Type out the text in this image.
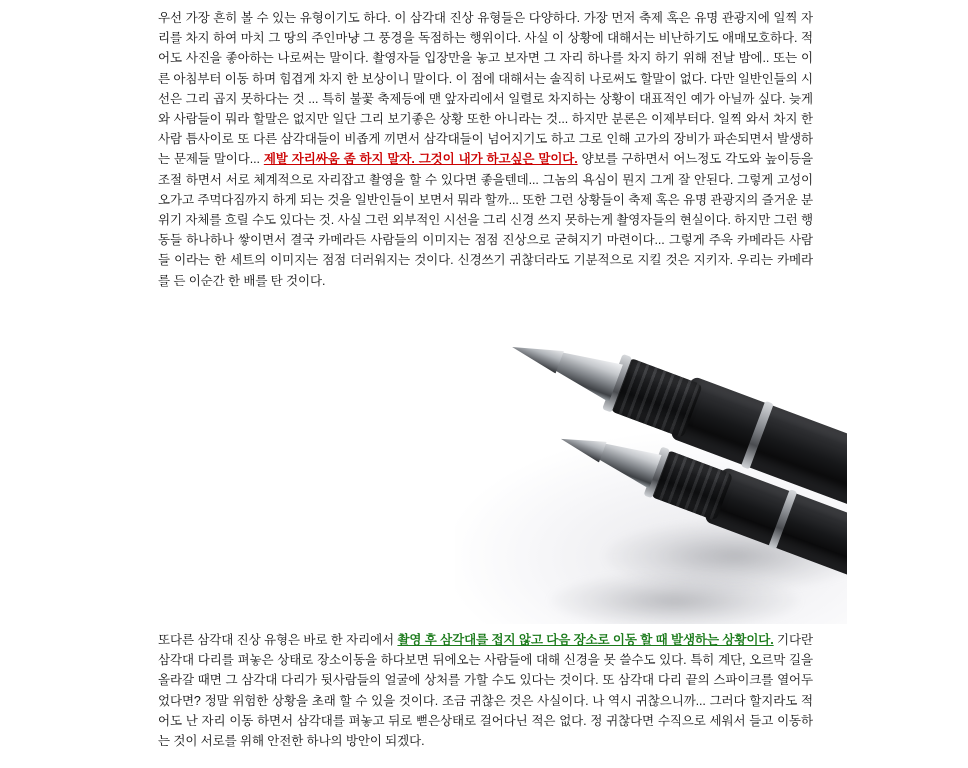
우선 가장 흔히 볼 수 있는 유형이기도 하다. 이 삼각대 진상 유형들은 다양하다. 가장 먼저 축제 혹은 유명 관광지에 일찍 자리를 차지 하여 마치 그 땅의 주인마냥 그 풍경을 독점하는 행위이다. 사실 이 상황에 대해서는 비난하기도 애매모호하다. 적어도 사진을 좋아하는 나로써는 말이다. 촬영자들 입장만을 놓고 보자면 그 자리 하나를 차지 하기 위해 전날 밤에.. 또는 이른 아침부터 이동 하며 힘겹게 차지 한 보상이니 말이다. 이 점에 대해서는 솔직히 나로써도 할말이 없다. 다만 일반인들의 시선은 그리 곱지 못하다는 것 ... 특히 불꽃 축제등에 맨 앞자리에서 일렬로 차지하는 상황이 대표적인 예가 아닐까 싶다. 늦게와 사람들이 뭐라 할말은 없지만 일단 그리 보기좋은 상황 또한 아니라는 것... 하지만 분론은 이제부터다. 일찍 와서 차지 한 사람 틈사이로 또 다른 삼각대들이 비좁게 끼면서 삼각대들이 넘어지기도 하고 그로 인해 고가의 장비가 파손되면서 발생하는 문제들 말이다... 제발 자리싸움 좀 하지 말자. 그것이 내가 하고싶은 말이다. 양보를 구하면서 어느정도 각도와 높이등을 조절 하면서 서로 체계적으로 자리잡고 촬영을 할 수 있다면 좋을텐데... 그놈의 욕심이 뭔지 그게 잘 안된다. 그렇게 고성이 오가고 주먹다짐까지 하게 되는 것을 일반인들이 보면서 뭐라 할까... 또한 그런 상황들이 축제 혹은 유명 관광지의 즐거운 분위기 자체를 흐릴 수도 있다는 것. 사실 그런 외부적인 시선을 그리 신경 쓰지 못하는게 촬영자들의 현실이다. 하지만 그런 행동들 하나하나 쌓이면서 결국 카메라든 사람들의 이미지는 점점 진상으로 굳혀지기 마련이다... 그렇게 주욱 카메라든 사람들 이라는 한 세트의 이미지는 점점 더러워지는 것이다. 신경쓰기 귀찮더라도 기분적으로 지킬 것은 지키자. 우리는 카메라를 든 이순간 한 배를 탄 것이다.

또다른 삼각대 진상 유형은 바로 한 자리에서 촬영 후 삼각대를 접지 않고 다음 장소로 이동 할 때 발생하는 상황이다. 기다란 삼각대 다리를 펴놓은 상태로 장소이동을 하다보면 뒤에오는 사람들에 대해 신경을 못 쓸수도 있다. 특히 계단, 오르막 길을 올라갈 때면 그 삼각대 다리가 뒷사람들의 얼굴에 상처를 가할 수도 있다는 것이다. 또 삼각대 다리 끝의 스파이크를 열어두었다면? 정말 위험한 상황을 초래 할 수 있을 것이다. 조금 귀찮은 것은 사실이다. 나 역시 귀찮으니까... 그러다 할지라도 적어도 난 자리 이동 하면서 삼각대를 펴놓고 뒤로 뻗은상태로 걸어다닌 적은 없다. 정 귀찮다면 수직으로 세워서 들고 이동하는 것이 서로를 위해 안전한 하나의 방안이 되겠다.
